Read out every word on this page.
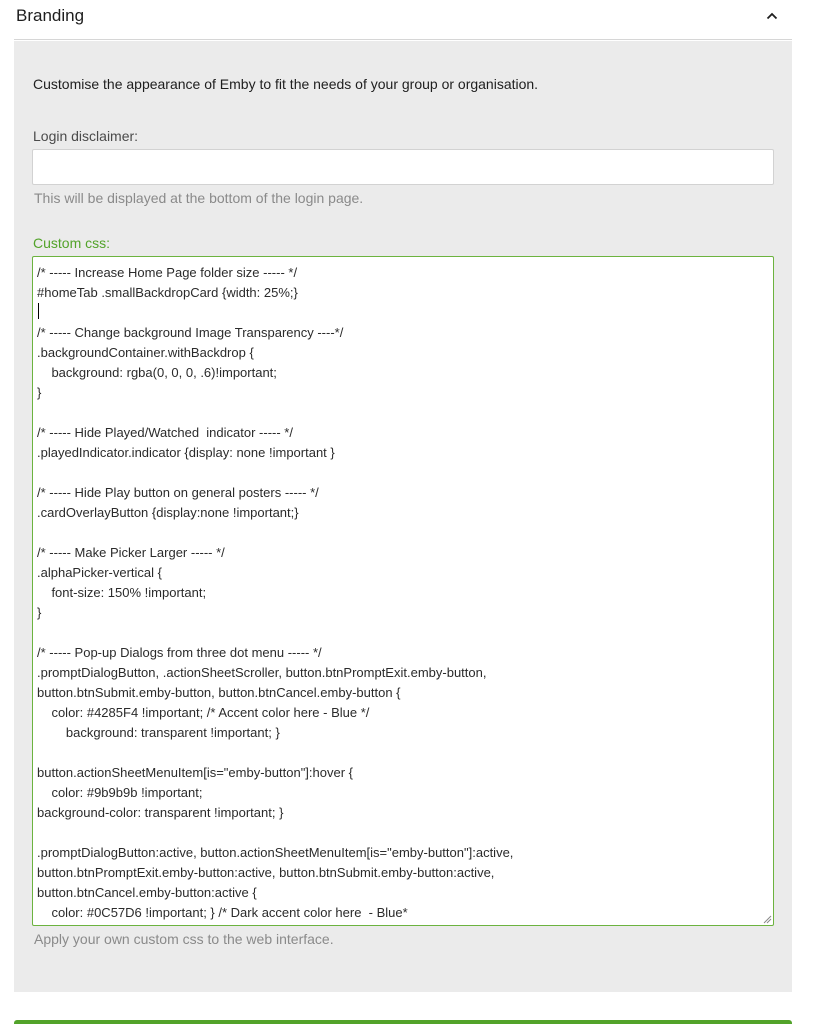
Branding
Customise the appearance of Emby to fit the needs of your group or organisation.
Login disclaimer:
This will be displayed at the bottom of the login page.
Custom css:
/* ----- Increase Home Page folder size ----- */
#homeTab .smallBackdropCard {width: 25%;}

/* ----- Change background Image Transparency ----*/
.backgroundContainer.withBackdrop {
background: rgba(0, 0, 0, .6)!important;
}

/* ----- Hide Played/Watched  indicator ----- */
.playedIndicator.indicator {display: none !important }

/* ----- Hide Play button on general posters ----- */
.cardOverlayButton {display:none !important;}

/* ----- Make Picker Larger ----- */
.alphaPicker-vertical {
font-size: 150% !important;
}

/* ----- Pop-up Dialogs from three dot menu ----- */
.promptDialogButton, .actionSheetScroller, button.btnPromptExit.emby-button,
button.btnSubmit.emby-button, button.btnCancel.emby-button {
color: #4285F4 !important; /* Accent color here - Blue */
background: transparent !important; }

button.actionSheetMenuItem[is="emby-button"]:hover {
color: #9b9b9b !important;
background-color: transparent !important; }

.promptDialogButton:active, button.actionSheetMenuItem[is="emby-button"]:active,
button.btnPromptExit.emby-button:active, button.btnSubmit.emby-button:active,
button.btnCancel.emby-button:active {
color: #0C57D6 !important; } /* Dark accent color here  - Blue*
Apply your own custom css to the web interface.
